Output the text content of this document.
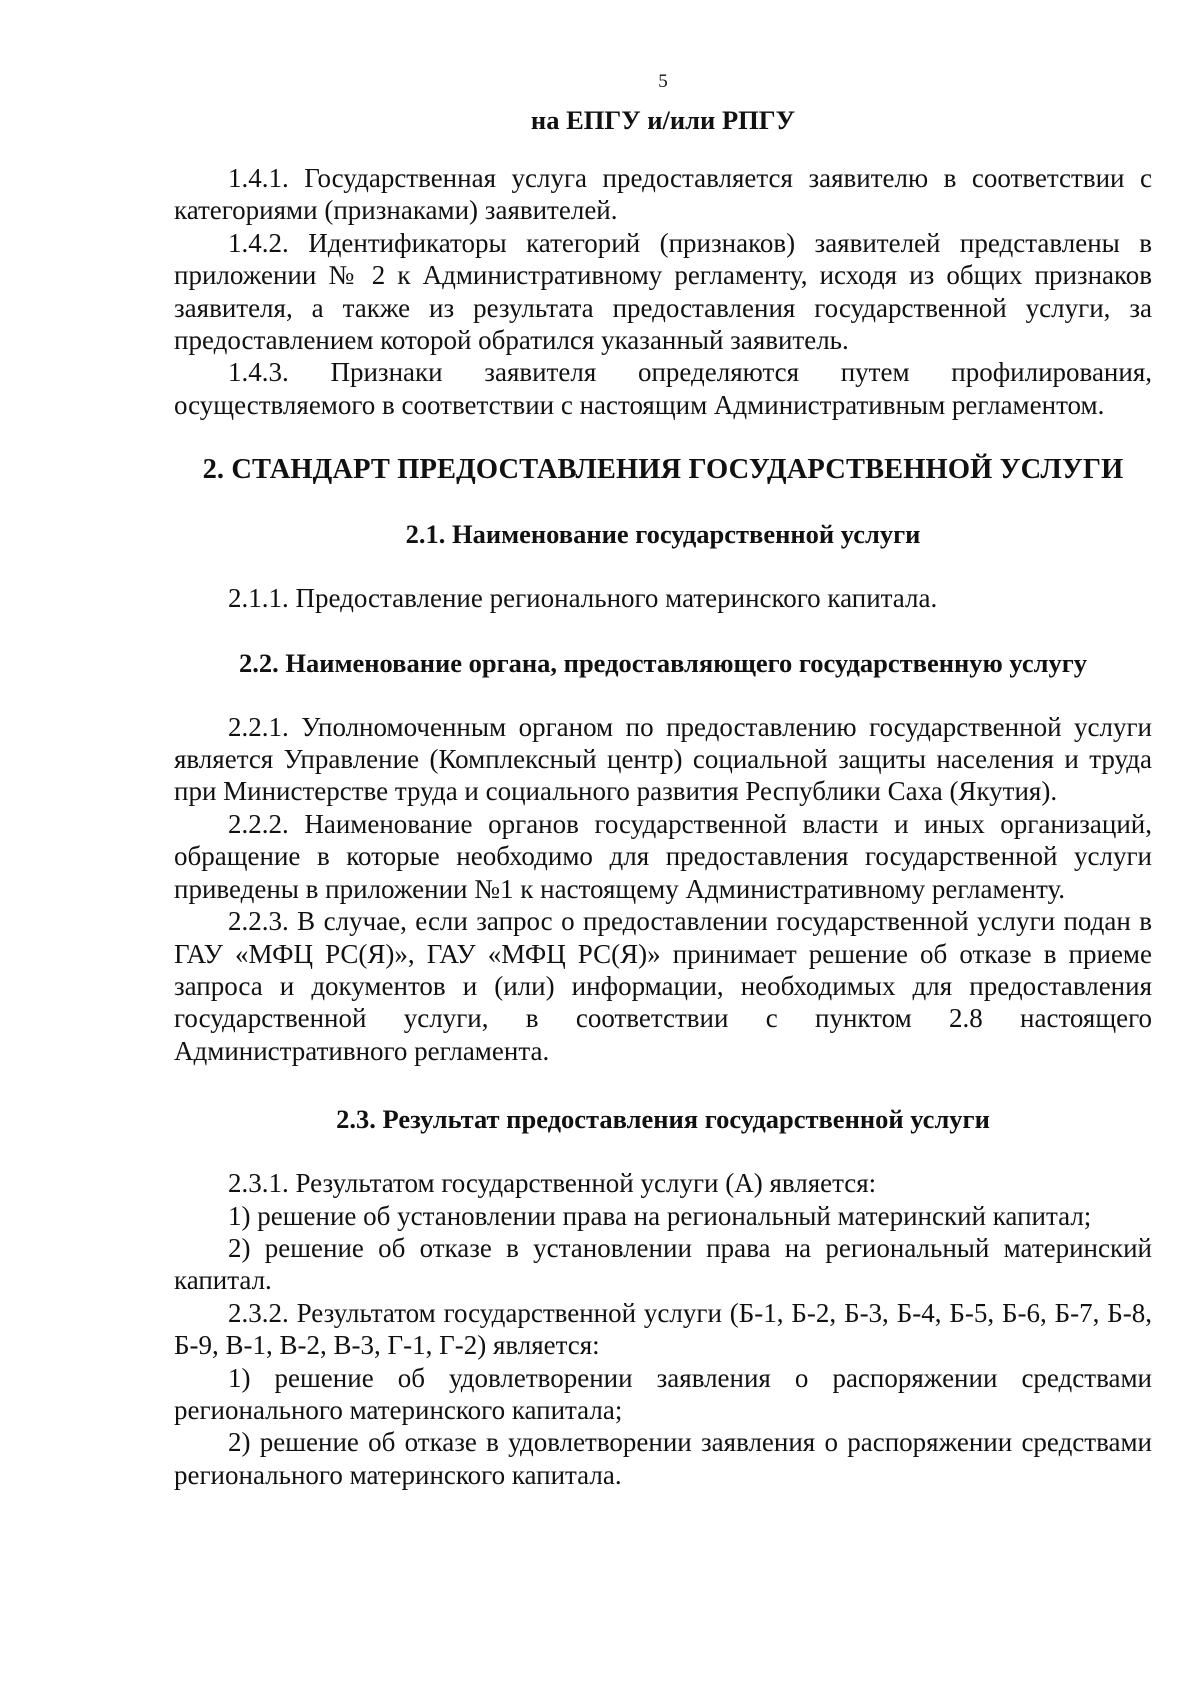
5

на ЕПГУ и/или РПГУ

1.4.1. Государственная услуга предоставляется заявителю в соответствии с категориями (признаками) заявителей.

1.4.2. Идентификаторы категорий (признаков) заявителей представлены в приложении № 2 к Административному регламенту, исходя из общих признаков заявителя, а также из результата предоставления государственной услуги, за предоставлением которой обратился указанный заявитель.

1.4.3. Признаки заявителя определяются путем профилирования, осуществляемого в соответствии с настоящим Административным регламентом.

2. СТАНДАРТ ПРЕДОСТАВЛЕНИЯ ГОСУДАРСТВЕННОЙ УСЛУГИ

2.1. Наименование государственной услуги

2.1.1. Предоставление регионального материнского капитала.

2.2. Наименование органа, предоставляющего государственную услугу

2.2.1. Уполномоченным органом по предоставлению государственной услуги является Управление (Комплексный центр) социальной защиты населения и труда при Министерстве труда и социального развития Республики Саха (Якутия).

2.2.2. Наименование органов государственной власти и иных организаций, обращение в которые необходимо для предоставления государственной услуги приведены в приложении №1 к настоящему Административному регламенту.

2.2.3. В случае, если запрос о предоставлении государственной услуги подан в ГАУ «МФЦ РС(Я)», ГАУ «МФЦ РС(Я)» принимает решение об отказе в приеме запроса и документов и (или) информации, необходимых для предоставления государственной услуги, в соответствии с пунктом 2.8 настоящего Административного регламента.

2.3. Результат предоставления государственной услуги

2.3.1. Результатом государственной услуги (А) является:

1) решение об установлении права на региональный материнский капитал;

2) решение об отказе в установлении права на региональный материнский капитал.

2.3.2. Результатом государственной услуги (Б-1, Б-2, Б-3, Б-4, Б-5, Б-6, Б-7, Б-8, Б-9, В-1, В-2, В-3, Г-1, Г-2) является:

1) решение об удовлетворении заявления о распоряжении средствами регионального материнского капитала;

2) решение об отказе в удовлетворении заявления о распоряжении средствами регионального материнского капитала.
